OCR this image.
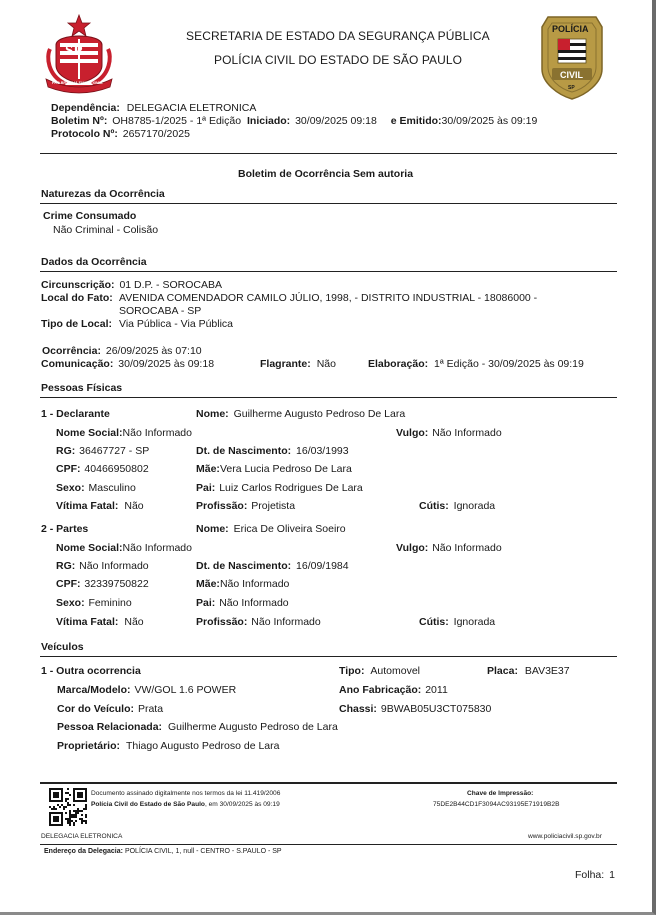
SP
PRO BRASILIA FIANT EXIMIA
SECRETARIA DE ESTADO DA SEGURANÇA PÚBLICA
POLÍCIA CIVIL DO ESTADO DE SÃO PAULO
POLÍCIA
CIVIL
SP
Dependência: DELEGACIA ELETRONICA
Boletim Nº: OH8785-1/2025 - 1ª Edição Iniciado: 30/09/2025 09:18 e Emitido:30/09/2025 às 09:19
Protocolo Nº: 2657170/2025
Boletim de Ocorrência Sem autoria
Naturezas da Ocorrência
Crime Consumado
Não Criminal - Colisão
Dados da Ocorrência
Circunscrição: 01 D.P. - SOROCABA
Local do Fato: AVENIDA COMENDADOR CAMILO JÚLIO, 1998, - DISTRITO INDUSTRIAL - 18086000 -
SOROCABA - SP
Tipo de Local: Via Pública - Via Pública
Ocorrência: 26/09/2025 às 07:10
Comunicação: 30/09/2025 às 09:18	Flagrante: Não	Elaboração: 1ª Edição - 30/09/2025 às 09:19
Pessoas Físicas
1 - Declarante	Nome: Guilherme Augusto Pedroso De Lara
Nome Social:Não Informado	Vulgo: Não Informado
RG: 36467727 - SP	Dt. de Nascimento: 16/03/1993
CPF: 40466950802	Mãe:Vera Lucia Pedroso De Lara
Sexo: Masculino	Pai: Luiz Carlos Rodrigues De Lara
Vítima Fatal: Não	Profissão: Projetista	Cútis: Ignorada
2 - Partes	Nome: Erica De Oliveira Soeiro
Nome Social:Não Informado	Vulgo: Não Informado
RG: Não Informado	Dt. de Nascimento: 16/09/1984
CPF: 32339750822	Mãe:Não Informado
Sexo: Feminino	Pai: Não Informado
Vítima Fatal: Não	Profissão: Não Informado	Cútis: Ignorada
Veículos
1 - Outra ocorrencia	Tipo: Automovel	Placa: BAV3E37
Marca/Modelo: VW/GOL 1.6 POWER	Ano Fabricação: 2011
Cor do Veículo: Prata	Chassi: 9BWAB05U3CT075830
Pessoa Relacionada: Guilherme Augusto Pedroso de Lara
Proprietário: Thiago Augusto Pedroso de Lara
Documento assinado digitalmente nos termos da lei 11.419/2006
Polícia Civil do Estado de São Paulo, em 30/09/2025 às 09:19
Chave de Impressão:
75DE2B44CD1F3094AC93195E71919B2B
DELEGACIA ELETRONICA	www.policiacivil.sp.gov.br
Endereço da Delegacia: POLÍCIA CIVIL, 1, null - CENTRO - S.PAULO - SP
Folha: 1
